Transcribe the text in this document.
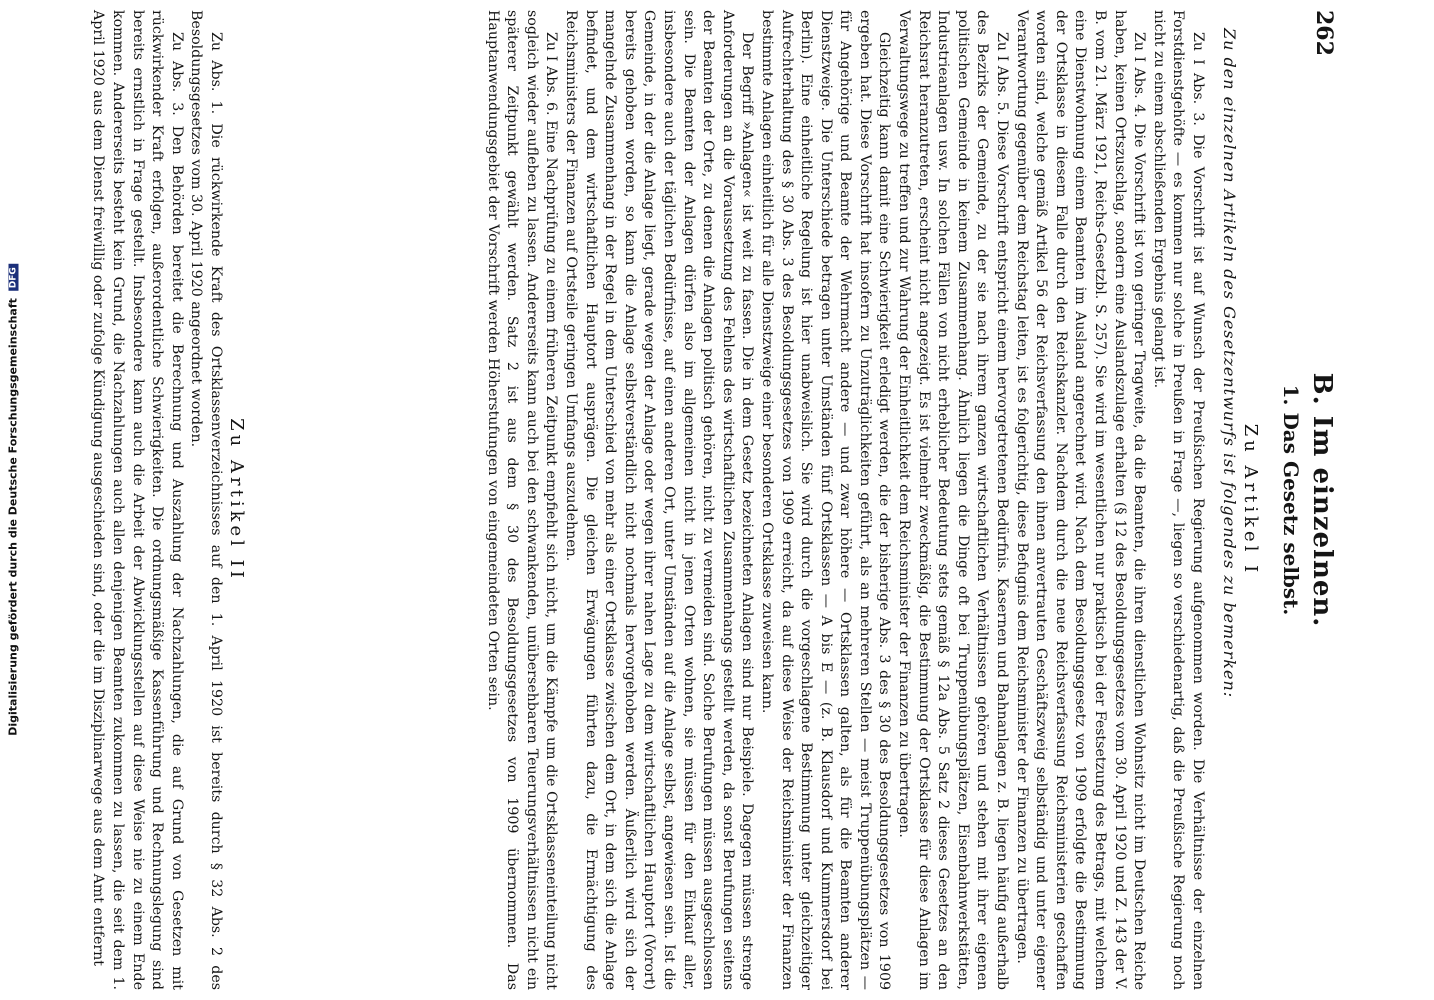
Digitalisierung gefördert durch die Deutsche Forschungsgemeinschaft DFG
262
B. Im einzelnen.
1. Das Gesetz selbst.
Zu Artikel I
Zu den einzelnen Artikeln des Gesetzentwurfs ist folgendes zu bemerken:

Zu I Abs. 3. Die Vorschrift ist auf Wunsch der Preußischen Regierung aufgenommen worden. Die Verhältnisse der einzelnen Forstdienstgehöfte — es kommen nur solche in Preußen in Frage —, liegen so verschiedenartig, daß die Preußische Regierung noch nicht zu einem abschließenden Ergebnis gelangt ist.

Zu I Abs. 4. Die Vorschrift ist von geringer Tragweite, da die Beamten, die ihren dienstlichen Wohnsitz nicht im Deutschen Reiche haben, keinen Ortszuschlag, sondern eine Auslandszulage erhalten (§ 12 des Besoldungsgesetzes vom 30. April 1920 und Z. 143 der V. B. vom 21. März 1921, Reichs-Gesetzbl. S. 257). Sie wird im wesentlichen nur praktisch bei der Festsetzung des Betrags, mit welchem eine Dienstwohnung einem Beamten im Ausland angerechnet wird. Nach dem Besoldungsgesetz von 1909 erfolgte die Bestimmung der Ortsklasse in diesem Falle durch den Reichskanzler. Nachdem durch die neue Reichsverfassung Reichsministerien geschaffen worden sind, welche gemäß Artikel 56 der Reichsverfassung den ihnen anvertrauten Geschäftszweig selbständig und unter eigener Verantwortung gegenüber dem Reichstag leiten, ist es folgerichtig, diese Befugnis dem Reichsminister der Finanzen zu übertragen.

Zu I Abs. 5. Diese Vorschrift entspricht einem hervorgetretenen Bedürfnis. Kasernen und Bahnanlagen z. B. liegen häufig außerhalb des Bezirks der Gemeinde, zu der sie nach ihrem ganzen wirtschaftlichen Verhältnissen gehören und stehen mit ihrer eigenen politischen Gemeinde in keinem Zusammenhang. Ähnlich liegen die Dinge oft bei Truppenübungsplätzen, Eisenbahnwerkstätten, Industrieanlagen usw. In solchen Fällen von nicht erheblicher Bedeutung stets gemäß § 12a Abs. 5 Satz 2 dieses Gesetzes an den Reichsrat heranzutreten, erscheint nicht angezeigt. Es ist vielmehr zweckmäßig, die Bestimmung der Ortsklasse für diese Anlagen im Verwaltungswege zu treffen und zur Wahrung der Einheitlichkeit dem Reichsminister der Finanzen zu übertragen.

Gleichzeitig kann damit eine Schwierigkeit erledigt werden, die der bisherige Abs. 3 des § 30 des Besoldungsgesetzes von 1909 ergeben hat. Diese Vorschrift hat insofern zu Unzuträglichkeiten geführt, als an mehreren Stellen — meist Truppenübungsplätzen — für Angehörige und Beamte der Wehrmacht andere — und zwar höhere — Ortsklassen galten, als für die Beamten anderer Dienstzweige. Die Unterschiede betragen unter Umständen fünf Ortsklassen — A bis E — (z. B. Klausdorf und Kummersdorf bei Berlin). Eine einheitliche Regelung ist hier unabweislich. Sie wird durch die vorgeschlagene Bestimmung unter gleichzeitiger Aufrechterhaltung des § 30 Abs. 3 des Besoldungsgesetzes von 1909 erreicht, da auf diese Weise der Reichsminister der Finanzen bestimmte Anlagen einheitlich für alle Dienstzweige einer besonderen Ortsklasse zuweisen kann.

Der Begriff »Anlagen« ist weit zu fassen. Die in dem Gesetz bezeichneten Anlagen sind nur Beispiele. Dagegen müssen strenge Anforderungen an die Voraussetzung des Fehlens des wirtschaftlichen Zusammenhangs gestellt werden, da sonst Berufungen seitens der Beamten der Orte, zu denen die Anlagen politisch gehören, nicht zu vermeiden sind. Solche Berufungen müssen ausgeschlossen sein. Die Beamten der Anlagen dürfen also im allgemeinen nicht in jenen Orten wohnen, sie müssen für den Einkauf aller, insbesondere auch der täglichen Bedürfnisse, auf einen anderen Ort, unter Umständen auf die Anlage selbst, angewiesen sein. Ist die Gemeinde, in der die Anlage liegt, gerade wegen der Anlage oder wegen ihrer nahen Lage zu dem wirtschaftlichen Hauptort (Vorort) bereits gehoben worden, so kann die Anlage selbstverständlich nicht nochmals hervorgehoben werden. Äußerlich wird sich der mangelnde Zusammenhang in der Regel in dem Unterschied von mehr als einer Ortsklasse zwischen dem Ort, in dem sich die Anlage befindet, und dem wirtschaftlichen Hauptort ausprägen. Die gleichen Erwägungen führten dazu, die Ermächtigung des Reichsministers der Finanzen auf Ortsteile geringen Umfangs auszudehnen.

Zu I Abs. 6. Eine Nachprüfung zu einem früheren Zeitpunkt empfiehlt sich nicht, um die Kämpfe um die Ortsklasseneinteilung nicht sogleich wieder aufleben zu lassen. Andererseits kann auch bei den schwankenden, unübersehbaren Teuerungsverhältnissen nicht ein späterer Zeitpunkt gewählt werden. Satz 2 ist aus dem § 30 des Besoldungsgesetzes von 1909 übernommen. Das Hauptanwendungsgebiet der Vorschrift werden Höherstufungen von eingemeindeten Orten sein.

Zu Artikel II

Zu Abs. 1. Die rückwirkende Kraft des Ortsklassenverzeichnisses auf den 1. April 1920 ist bereits durch § 32 Abs. 2 des Besoldungsgesetzes vom 30. April 1920 angeordnet worden.

Zu Abs. 3. Den Behörden bereitet die Berechnung und Auszahlung der Nachzahlungen, die auf Grund von Gesetzen mit rückwirkender Kraft erfolgen, außerordentliche Schwierigkeiten. Die ordnungsmäßige Kassenführung und Rechnungslegung sind bereits ernstlich in Frage gestellt. Insbesondere kann auch die Arbeit der Abwicklungsstellen auf diese Weise nie zu einem Ende kommen. Andererseits besteht kein Grund, die Nachzahlungen auch allen denjenigen Beamten zukommen zu lassen, die seit dem 1. April 1920 aus dem Dienst freiwillig oder zufolge Kündigung ausgeschieden sind, oder die im Disziplinarwege aus dem Amt entfernt
